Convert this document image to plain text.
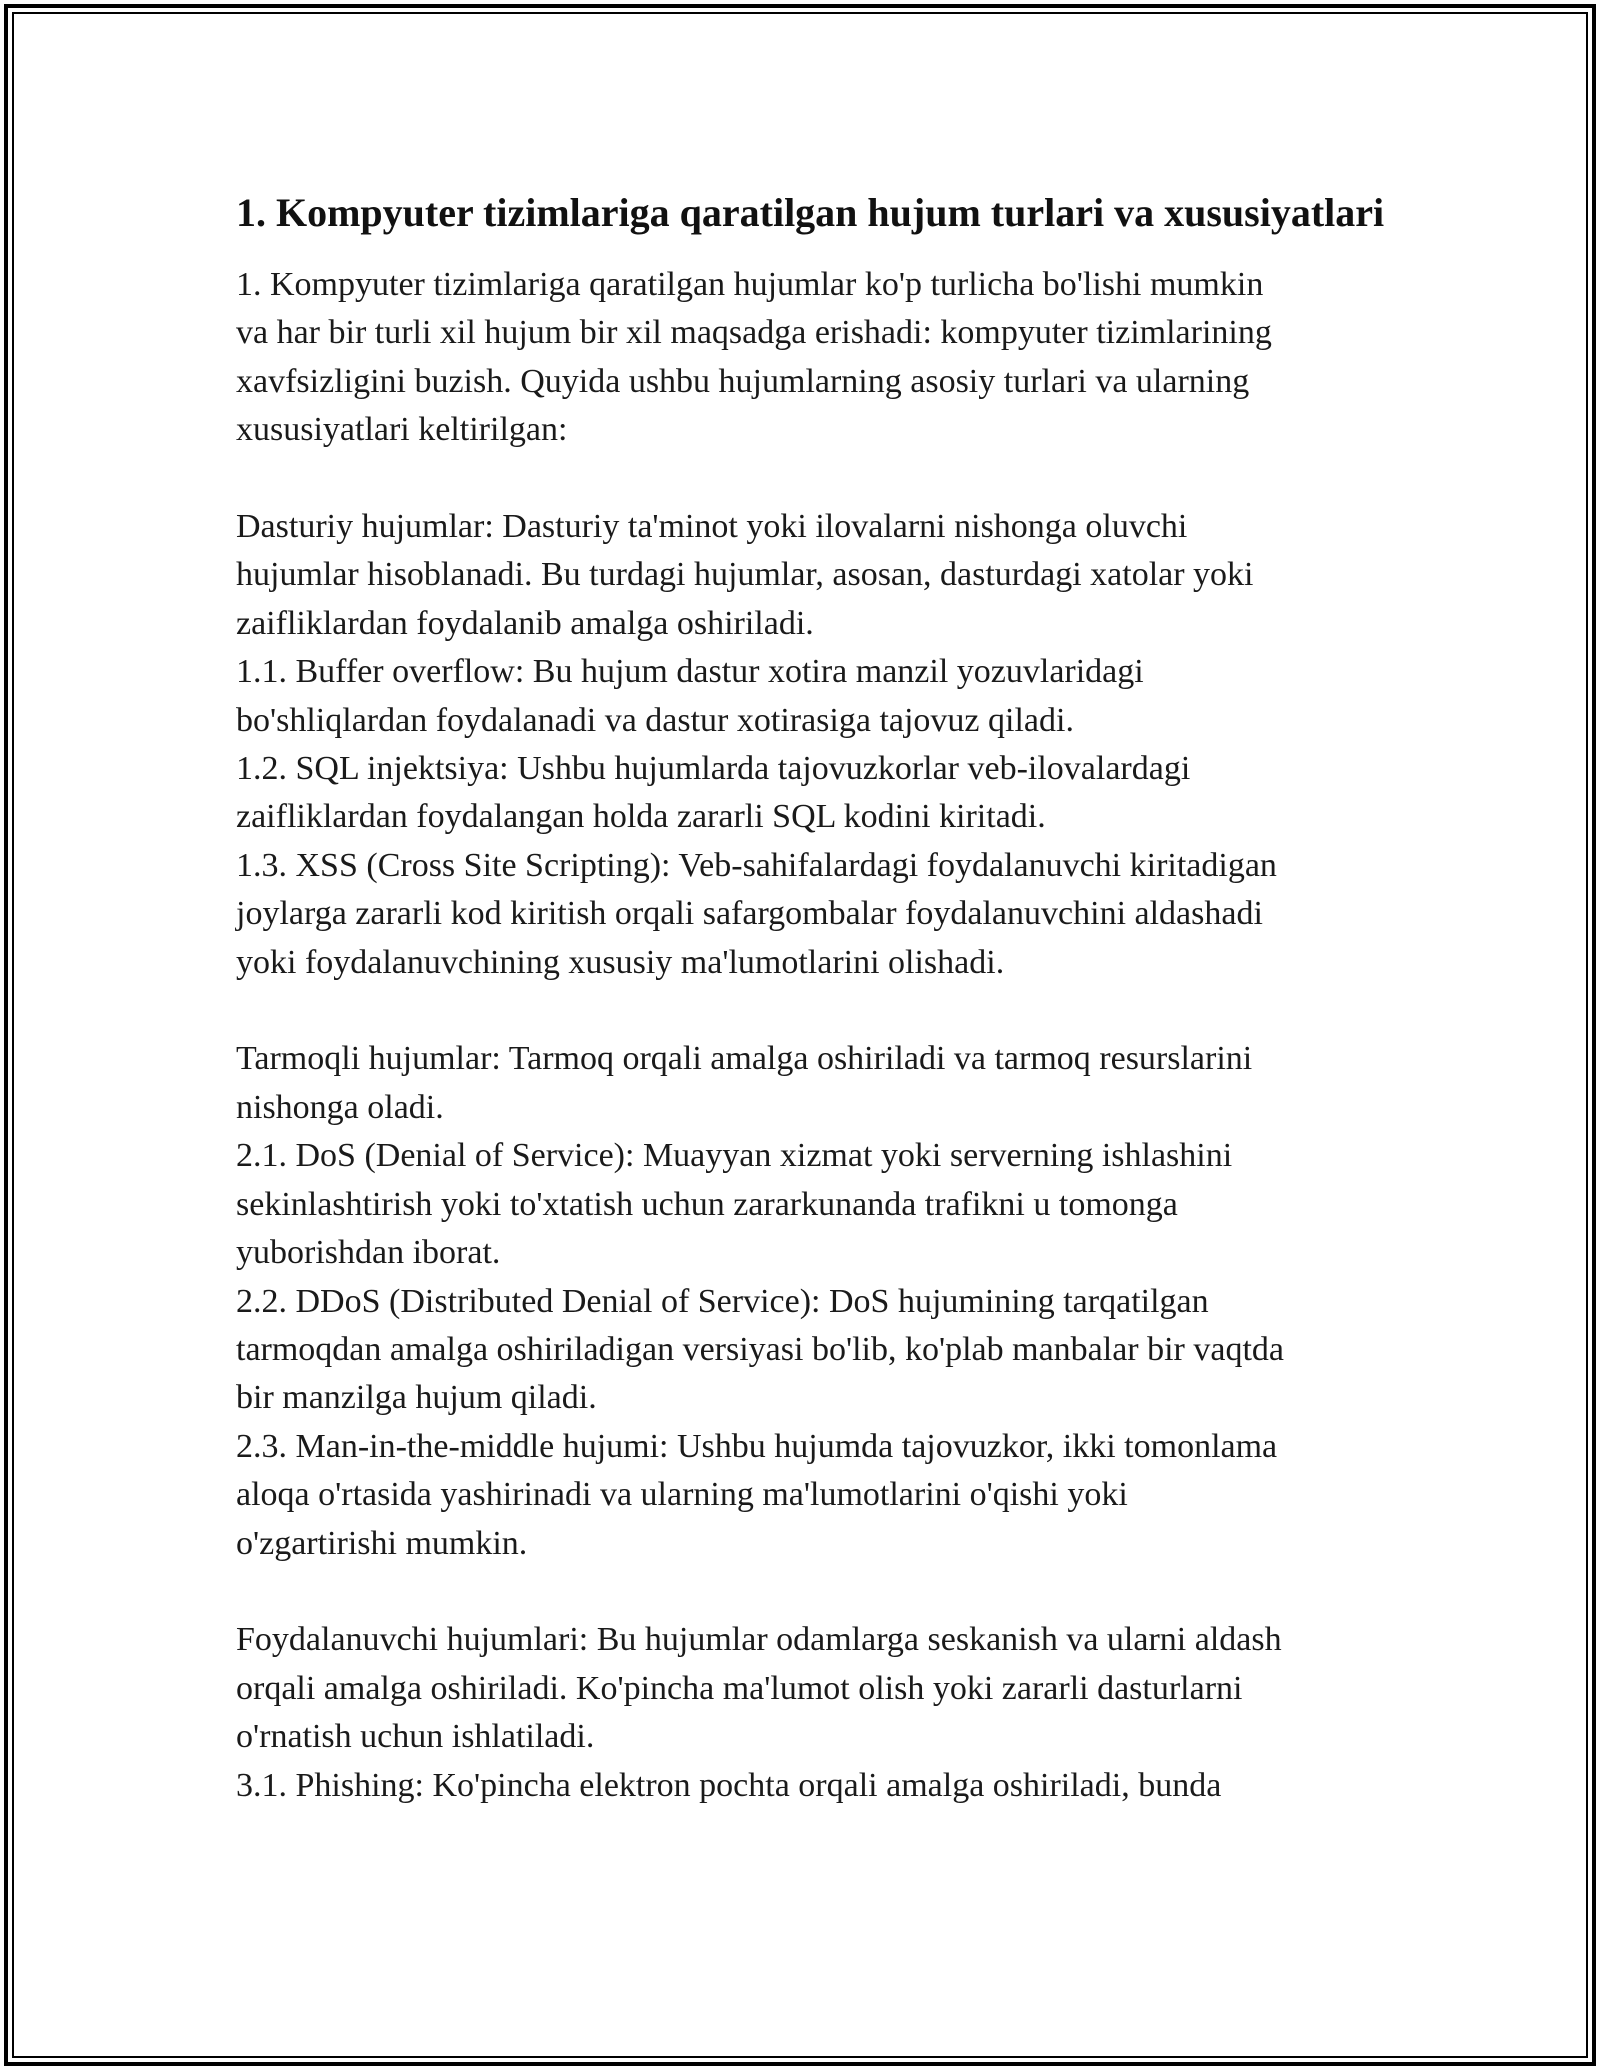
1. Kompyuter tizimlariga qaratilgan hujum turlari va xususiyatlari

1. Kompyuter tizimlariga qaratilgan hujumlar ko'p turlicha bo'lishi mumkin
va har bir turli xil hujum bir xil maqsadga erishadi: kompyuter tizimlarining
xavfsizligini buzish. Quyida ushbu hujumlarning asosiy turlari va ularning
xususiyatlari keltirilgan:

Dasturiy hujumlar: Dasturiy ta'minot yoki ilovalarni nishonga oluvchi
hujumlar hisoblanadi. Bu turdagi hujumlar, asosan, dasturdagi xatolar yoki
zaifliklardan foydalanib amalga oshiriladi.
1.1. Buffer overflow: Bu hujum dastur xotira manzil yozuvlaridagi
bo'shliqlardan foydalanadi va dastur xotirasiga tajovuz qiladi.
1.2. SQL injektsiya: Ushbu hujumlarda tajovuzkorlar veb-ilovalardagi
zaifliklardan foydalangan holda zararli SQL kodini kiritadi.
1.3. XSS (Cross Site Scripting): Veb-sahifalardagi foydalanuvchi kiritadigan
joylarga zararli kod kiritish orqali safargombalar foydalanuvchini aldashadi
yoki foydalanuvchining xususiy ma'lumotlarini olishadi.

Tarmoqli hujumlar: Tarmoq orqali amalga oshiriladi va tarmoq resurslarini
nishonga oladi.
2.1. DoS (Denial of Service): Muayyan xizmat yoki serverning ishlashini
sekinlashtirish yoki to'xtatish uchun zararkunanda trafikni u tomonga
yuborishdan iborat.
2.2. DDoS (Distributed Denial of Service): DoS hujumining tarqatilgan
tarmoqdan amalga oshiriladigan versiyasi bo'lib, ko'plab manbalar bir vaqtda
bir manzilga hujum qiladi.
2.3. Man-in-the-middle hujumi: Ushbu hujumda tajovuzkor, ikki tomonlama
aloqa o'rtasida yashirinadi va ularning ma'lumotlarini o'qishi yoki
o'zgartirishi mumkin.

Foydalanuvchi hujumlari: Bu hujumlar odamlarga seskanish va ularni aldash
orqali amalga oshiriladi. Ko'pincha ma'lumot olish yoki zararli dasturlarni
o'rnatish uchun ishlatiladi.
3.1. Phishing: Ko'pincha elektron pochta orqali amalga oshiriladi, bunda
